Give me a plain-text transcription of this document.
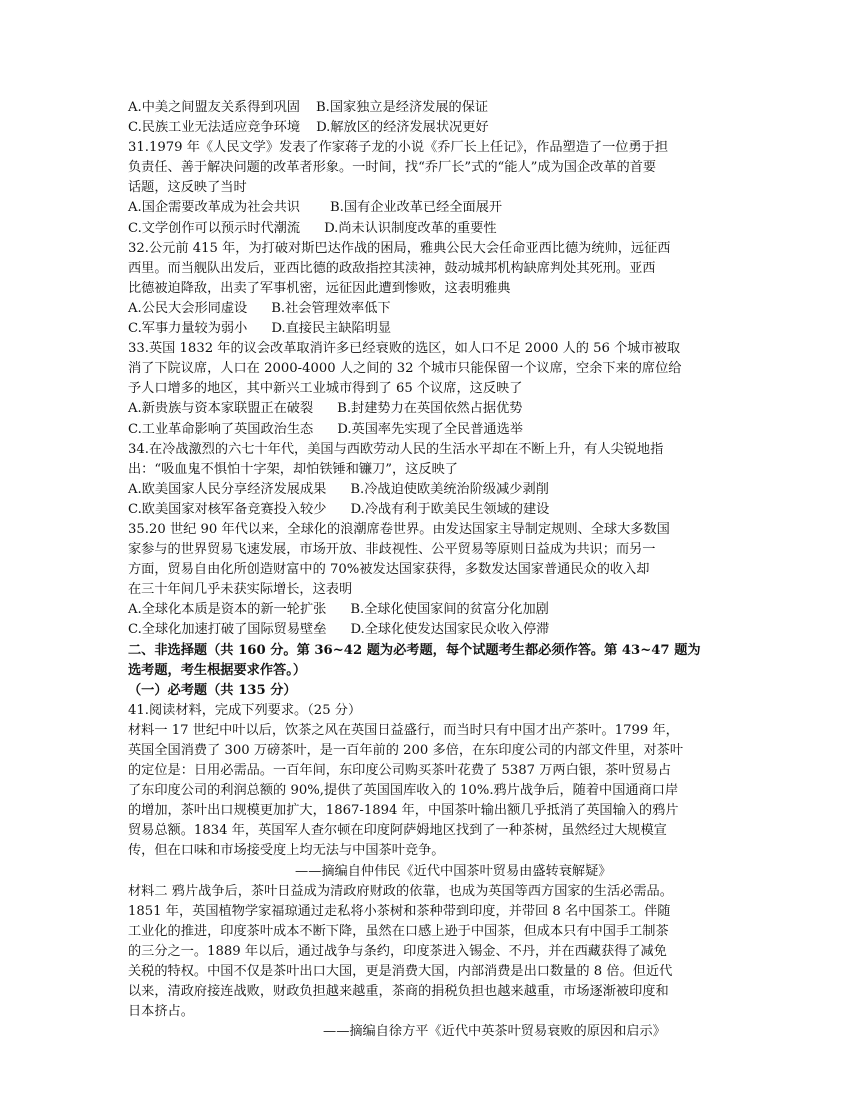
A.中美之间盟友关系得到巩固 B.国家独立是经济发展的保证
C.民族工业无法适应竞争环境 D.解放区的经济发展状况更好
31.1979 年《人民文学》发表了作家蒋子龙的小说《乔厂长上任记》，作品塑造了一位勇于担
负责任、善于解决问题的改革者形象。一时间，找“乔厂长”式的“能人”成为国企改革的首要
话题，这反映了当时
A.国企需要改革成为社会共识 B.国有企业改革已经全面展开
C.文学创作可以预示时代潮流 D.尚未认识制度改革的重要性
32.公元前 415 年，为打破对斯巴达作战的困局，雅典公民大会任命亚西比德为统帅，远征西
西里。而当舰队出发后，亚西比德的政敌指控其渎神，鼓动城邦机构缺席判处其死刑。亚西
比德被迫降敌，出卖了军事机密，远征因此遭到惨败，这表明雅典
A.公民大会形同虚设 B.社会管理效率低下
C.军事力量较为弱小 D.直接民主缺陷明显
33.英国 1832 年的议会改革取消许多已经衰败的选区，如人口不足 2000 人的 56 个城市被取
消了下院议席，人口在 2000-4000 人之间的 32 个城市只能保留一个议席，空余下来的席位给
予人口增多的地区，其中新兴工业城市得到了 65 个议席，这反映了
A.新贵族与资本家联盟正在破裂 B.封建势力在英国依然占据优势
C.工业革命影响了英国政治生态 D.英国率先实现了全民普通选举
34.在冷战激烈的六七十年代，美国与西欧劳动人民的生活水平却在不断上升，有人尖锐地指
出：“吸血鬼不惧怕十字架，却怕铁锤和镰刀”，这反映了
A.欧美国家人民分享经济发展成果 B.冷战迫使欧美统治阶级减少剥削
C.欧美国家对核军备竞赛投入较少 D.冷战有利于欧美民生领域的建设
35.20 世纪 90 年代以来，全球化的浪潮席卷世界。由发达国家主导制定规则、全球大多数国
家参与的世界贸易飞速发展，市场开放、非歧视性、公平贸易等原则日益成为共识；而另一
方面，贸易自由化所创造财富中的 70%被发达国家获得，多数发达国家普通民众的收入却
在三十年间几乎未获实际增长，这表明
A.全球化本质是资本的新一轮扩张 B.全球化使国家间的贫富分化加剧
C.全球化加速打破了国际贸易壁垒 D.全球化使发达国家民众收入停滞
二、非选择题（共 160 分。第 36~42 题为必考题，每个试题考生都必须作答。第 43~47 题为
选考题，考生根据要求作答。）
（一）必考题（共 135 分）
41.阅读材料，完成下列要求。（25 分）
材料一 17 世纪中叶以后，饮茶之风在英国日益盛行，而当时只有中国才出产茶叶。1799 年，
英国全国消费了 300 万磅茶叶，是一百年前的 200 多倍，在东印度公司的内部文件里，对茶叶
的定位是：日用必需品。一百年间，东印度公司购买茶叶花费了 5387 万两白银，茶叶贸易占
了东印度公司的利润总额的 90%,提供了英国国库收入的 10%.鸦片战争后，随着中国通商口岸
的增加，茶叶出口规模更加扩大，1867-1894 年，中国茶叶输出额几乎抵消了英国输入的鸦片
贸易总额。1834 年，英国军人查尔顿在印度阿萨姆地区找到了一种茶树，虽然经过大规模宣
传，但在口味和市场接受度上均无法与中国茶叶竞争。
——摘编自仲伟民《近代中国茶叶贸易由盛转衰解疑》
材料二 鸦片战争后，茶叶日益成为清政府财政的依靠，也成为英国等西方国家的生活必需品。
1851 年，英国植物学家福琼通过走私将小茶树和茶种带到印度，并带回 8 名中国茶工。伴随
工业化的推进，印度茶叶成本不断下降，虽然在口感上逊于中国茶，但成本只有中国手工制茶
的三分之一。1889 年以后，通过战争与条约，印度茶进入锡金、不丹，并在西藏获得了减免
关税的特权。中国不仅是茶叶出口大国，更是消费大国，内部消费是出口数量的 8 倍。但近代
以来，清政府接连战败，财政负担越来越重，茶商的捐税负担也越来越重，市场逐渐被印度和
日本挤占。
——摘编自徐方平《近代中英茶叶贸易衰败的原因和启示》
